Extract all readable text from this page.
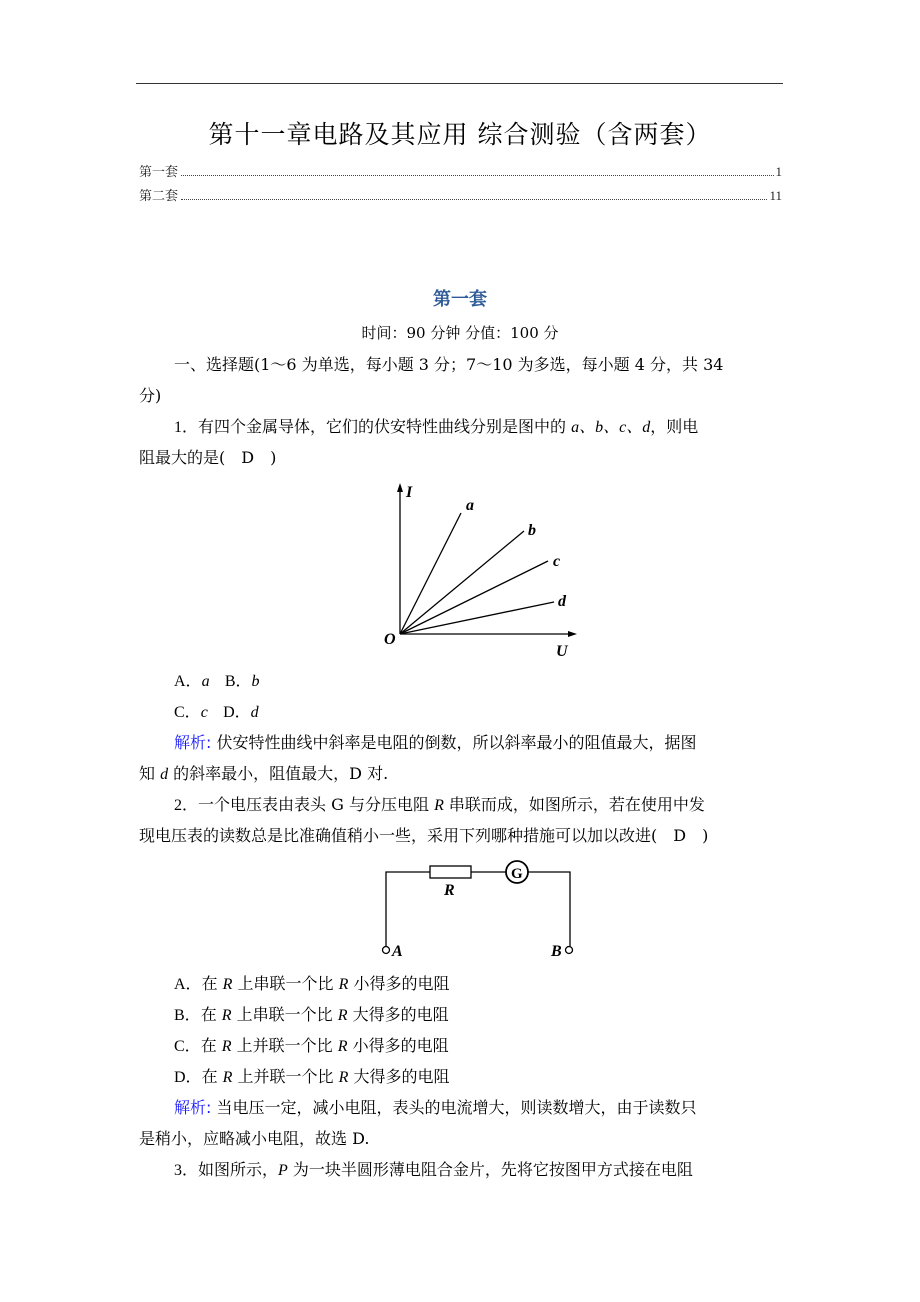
第十一章电路及其应用 综合测验（含两套）
第一套	1
第二套	11
第一套
时间：90 分钟 分值：100 分
一、选择题(1～6 为单选，每小题 3 分；7～10 为多选，每小题 4 分，共 34
分)
1．有四个金属导体，它们的伏安特性曲线分别是图中的 a、b、c、d，则电
阻最大的是(　D　)
I
O
U
a
b
c
d
A．a B．b
C．c D．d
解析: 伏安特性曲线中斜率是电阻的倒数，所以斜率最小的阻值最大，据图
知 d 的斜率最小，阻值最大，D 对.
2．一个电压表由表头 G 与分压电阻 R 串联而成，如图所示，若在使用中发
现电压表的读数总是比准确值稍小一些，采用下列哪种措施可以加以改进(　D　)
G
R
A	B
A．在 R 上串联一个比 R 小得多的电阻
B．在 R 上串联一个比 R 大得多的电阻
C．在 R 上并联一个比 R 小得多的电阻
D．在 R 上并联一个比 R 大得多的电阻
解析: 当电压一定，减小电阻，表头的电流增大，则读数增大，由于读数只
是稍小，应略减小电阻，故选 D.
3．如图所示，P 为一块半圆形薄电阻合金片，先将它按图甲方式接在电阻
